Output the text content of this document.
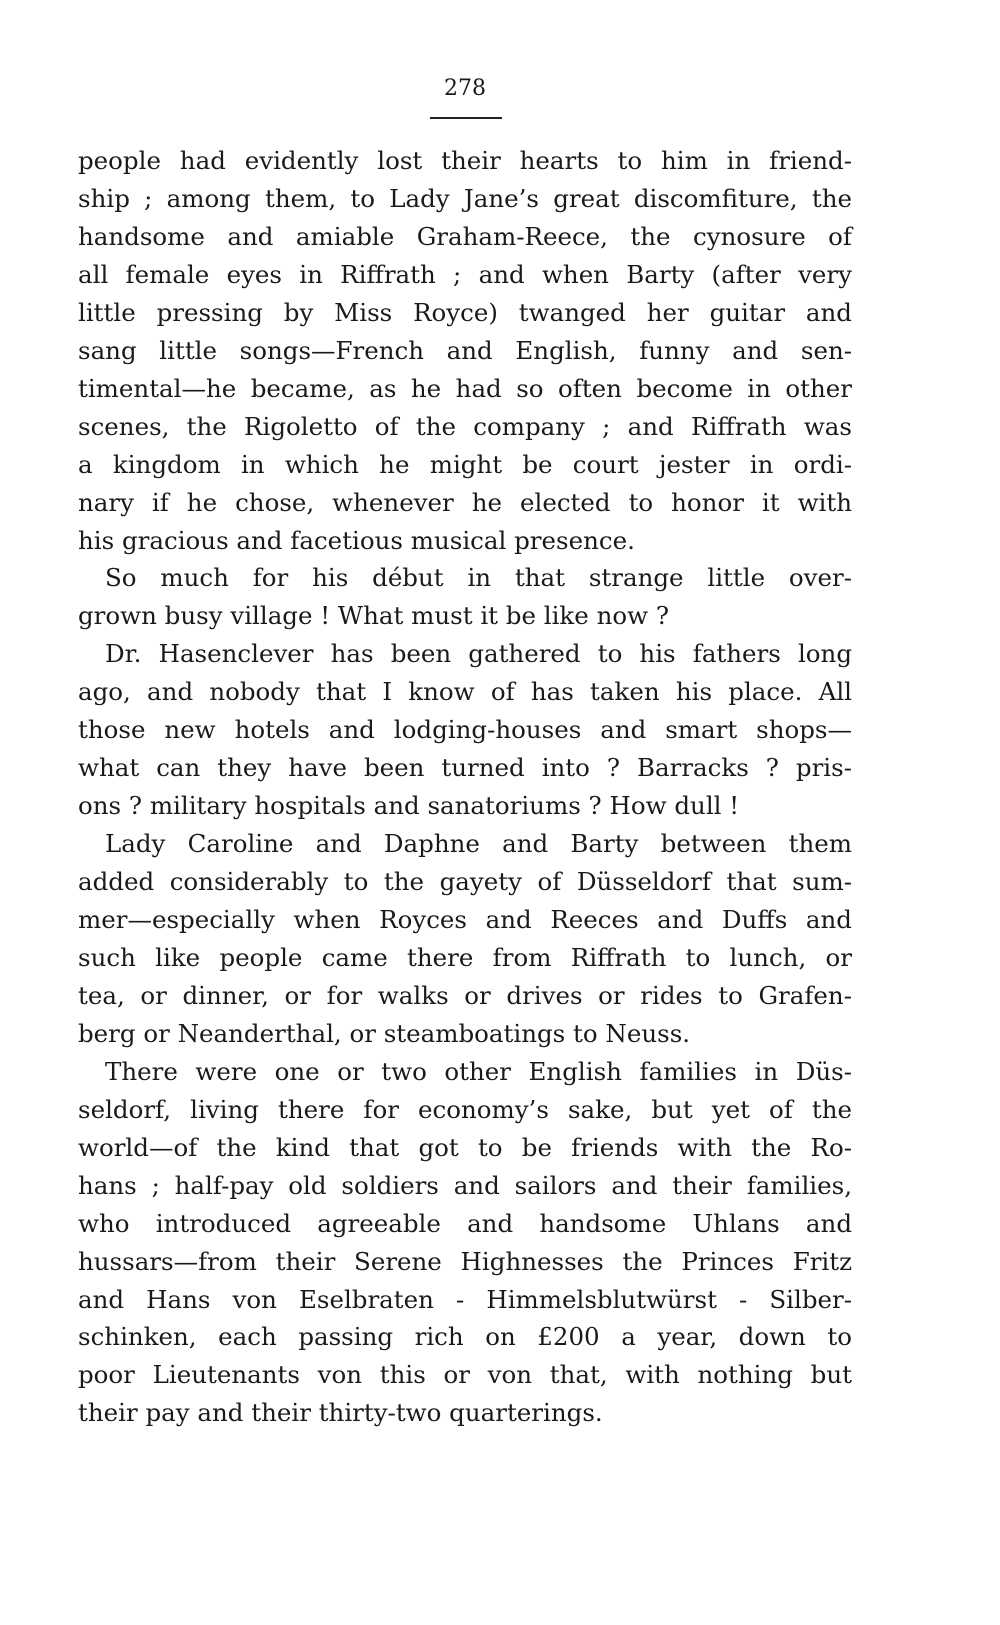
278
people had evidently lost their hearts to him in friend-
ship ; among them, to Lady Jane’s great discomfiture, the
handsome and amiable Graham-Reece, the cynosure of
all female eyes in Riffrath ; and when Barty (after very
little pressing by Miss Royce) twanged her guitar and
sang little songs—French and English, funny and sen-
timental—he became, as he had so often become in other
scenes, the Rigoletto of the company ; and Riffrath was
a kingdom in which he might be court jester in ordi-
nary if he chose, whenever he elected to honor it with
his gracious and facetious musical presence.
So much for his début in that strange little over-
grown busy village ! What must it be like now ?
Dr. Hasenclever has been gathered to his fathers long
ago, and nobody that I know of has taken his place. All
those new hotels and lodging-houses and smart shops—
what can they have been turned into ? Barracks ? pris-
ons ? military hospitals and sanatoriums ? How dull !
Lady Caroline and Daphne and Barty between them
added considerably to the gayety of Düsseldorf that sum-
mer—especially when Royces and Reeces and Duffs and
such like people came there from Riffrath to lunch, or
tea, or dinner, or for walks or drives or rides to Grafen-
berg or Neanderthal, or steamboatings to Neuss.
There were one or two other English families in Düs-
seldorf, living there for economy’s sake, but yet of the
world—of the kind that got to be friends with the Ro-
hans ; half-pay old soldiers and sailors and their families,
who introduced agreeable and handsome Uhlans and
hussars—from their Serene Highnesses the Princes Fritz
and Hans von Eselbraten - Himmelsblutwürst - Silber-
schinken, each passing rich on £200 a year, down to
poor Lieutenants von this or von that, with nothing but
their pay and their thirty-two quarterings.
